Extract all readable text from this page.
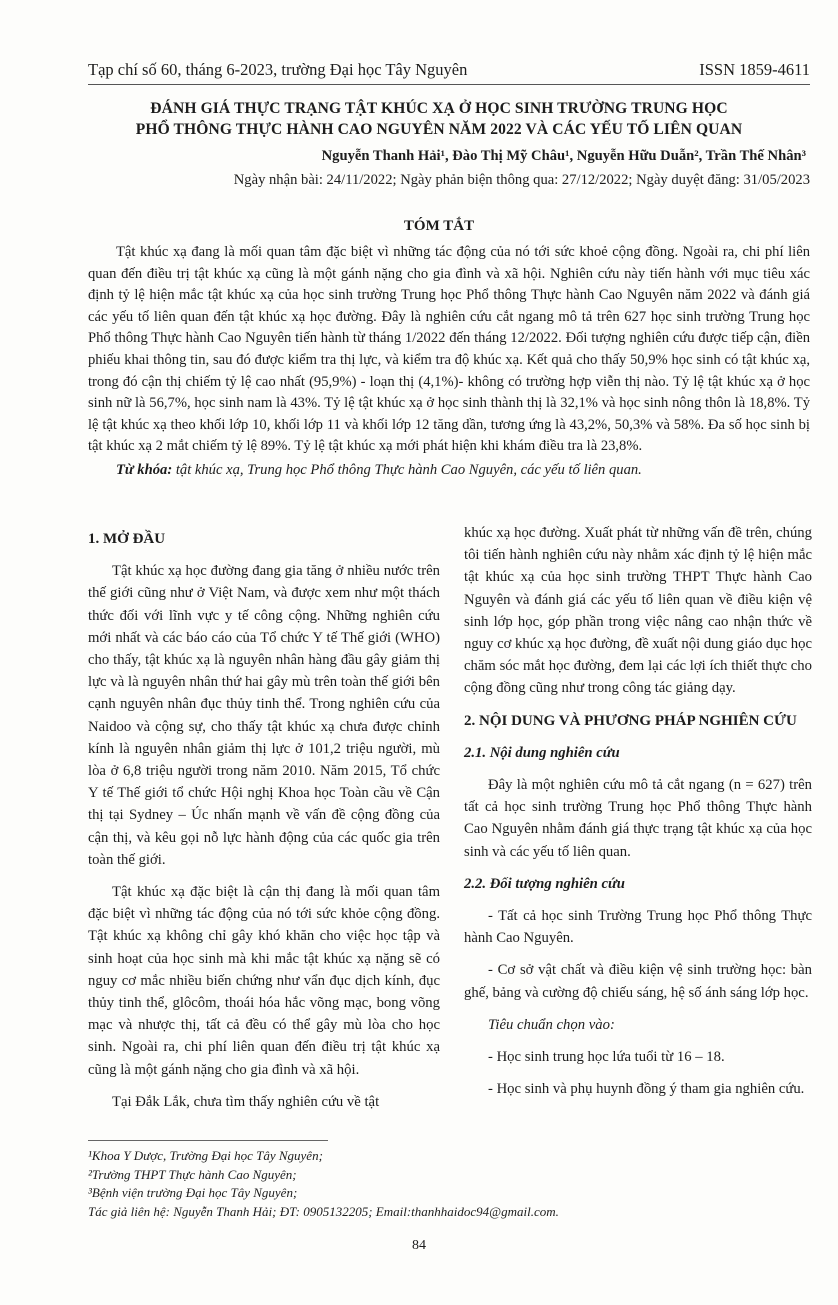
Tạp chí số 60, tháng 6-2023, trường Đại học Tây Nguyên	ISSN 1859-4611
ĐÁNH GIÁ THỰC TRẠNG TẬT KHÚC XẠ Ở HỌC SINH TRƯỜNG TRUNG HỌC
PHỔ THÔNG THỰC HÀNH CAO NGUYÊN NĂM 2022 VÀ CÁC YẾU TỐ LIÊN QUAN
Nguyễn Thanh Hải¹, Đào Thị Mỹ Châu¹, Nguyễn Hữu Duẫn², Trần Thế Nhân³
Ngày nhận bài: 24/11/2022; Ngày phản biện thông qua: 27/12/2022; Ngày duyệt đăng: 31/05/2023
TÓM TẮT

Tật khúc xạ đang là mối quan tâm đặc biệt vì những tác động của nó tới sức khoẻ cộng đồng. Ngoài ra, chi phí liên quan đến điều trị tật khúc xạ cũng là một gánh nặng cho gia đình và xã hội. Nghiên cứu này tiến hành với mục tiêu xác định tỷ lệ hiện mắc tật khúc xạ của học sinh trường Trung học Phổ thông Thực hành Cao Nguyên năm 2022 và đánh giá các yếu tố liên quan đến tật khúc xạ học đường. Đây là nghiên cứu cắt ngang mô tả trên 627 học sinh trường Trung học Phổ thông Thực hành Cao Nguyên tiến hành từ tháng 1/2022 đến tháng 12/2022. Đối tượng nghiên cứu được tiếp cận, điền phiếu khai thông tin, sau đó được kiểm tra thị lực, và kiểm tra độ khúc xạ. Kết quả cho thấy 50,9% học sinh có tật khúc xạ, trong đó cận thị chiếm tỷ lệ cao nhất (95,9%) - loạn thị (4,1%)- không có trường hợp viễn thị nào. Tỷ lệ tật khúc xạ ở học sinh nữ là 56,7%, học sinh nam là 43%. Tỷ lệ tật khúc xạ ở học sinh thành thị là 32,1% và học sinh nông thôn là 18,8%. Tỷ lệ tật khúc xạ theo khối lớp 10, khối lớp 11 và khối lớp 12 tăng dần, tương ứng là 43,2%, 50,3% và 58%. Đa số học sinh bị tật khúc xạ 2 mắt chiếm tỷ lệ 89%. Tỷ lệ tật khúc xạ mới phát hiện khi khám điều tra là 23,8%.

Từ khóa: tật khúc xạ, Trung học Phổ thông Thực hành Cao Nguyên, các yếu tố liên quan.

1. MỞ ĐẦU

Tật khúc xạ học đường đang gia tăng ở nhiều nước trên thế giới cũng như ở Việt Nam, và được xem như một thách thức đối với lĩnh vực y tế công cộng. Những nghiên cứu mới nhất và các báo cáo của Tổ chức Y tế Thế giới (WHO) cho thấy, tật khúc xạ là nguyên nhân hàng đầu gây giảm thị lực và là nguyên nhân thứ hai gây mù trên toàn thế giới bên cạnh nguyên nhân đục thủy tinh thể. Trong nghiên cứu của Naidoo và cộng sự, cho thấy tật khúc xạ chưa được chỉnh kính là nguyên nhân giảm thị lực ở 101,2 triệu người, mù lòa ở 6,8 triệu người trong năm 2010. Năm 2015, Tổ chức Y tế Thế giới tổ chức Hội nghị Khoa học Toàn cầu về Cận thị tại Sydney – Úc nhấn mạnh về vấn đề cộng đồng của cận thị, và kêu gọi nỗ lực hành động của các quốc gia trên toàn thế giới.

Tật khúc xạ đặc biệt là cận thị đang là mối quan tâm đặc biệt vì những tác động của nó tới sức khỏe cộng đồng. Tật khúc xạ không chỉ gây khó khăn cho việc học tập và sinh hoạt của học sinh mà khi mắc tật khúc xạ nặng sẽ có nguy cơ mắc nhiều biến chứng như vẩn đục dịch kính, đục thủy tinh thể, glôcôm, thoái hóa hắc võng mạc, bong võng mạc và nhược thị, tất cả đều có thể gây mù lòa cho học sinh. Ngoài ra, chi phí liên quan đến điều trị tật khúc xạ cũng là một gánh nặng cho gia đình và xã hội.

Tại Đắk Lắk, chưa tìm thấy nghiên cứu về tật

khúc xạ học đường. Xuất phát từ những vấn đề trên, chúng tôi tiến hành nghiên cứu này nhằm xác định tỷ lệ hiện mắc tật khúc xạ của học sinh trường THPT Thực hành Cao Nguyên và đánh giá các yếu tố liên quan về điều kiện vệ sinh lớp học, góp phần trong việc nâng cao nhận thức về nguy cơ khúc xạ học đường, đề xuất nội dung giáo dục học chăm sóc mắt học đường, đem lại các lợi ích thiết thực cho cộng đồng cũng như trong công tác giảng dạy.

2. NỘI DUNG VÀ PHƯƠNG PHÁP NGHIÊN CỨU

2.1. Nội dung nghiên cứu

Đây là một nghiên cứu mô tả cắt ngang (n = 627) trên tất cả học sinh trường Trung học Phổ thông Thực hành Cao Nguyên nhằm đánh giá thực trạng tật khúc xạ của học sinh và các yếu tố liên quan.

2.2. Đối tượng nghiên cứu

- Tất cả học sinh Trường Trung học Phổ thông Thực hành Cao Nguyên.

- Cơ sở vật chất và điều kiện vệ sinh trường học: bàn ghế, bảng và cường độ chiếu sáng, hệ số ánh sáng lớp học.

Tiêu chuẩn chọn vào:

- Học sinh trung học lứa tuổi từ 16 – 18.

- Học sinh và phụ huynh đồng ý tham gia nghiên cứu.

¹Khoa Y Dược, Trường Đại học Tây Nguyên;
²Trường THPT Thực hành Cao Nguyên;
³Bệnh viện trường Đại học Tây Nguyên;
Tác giả liên hệ: Nguyễn Thanh Hải; ĐT: 0905132205; Email:thanhhaidoc94@gmail.com.
84
